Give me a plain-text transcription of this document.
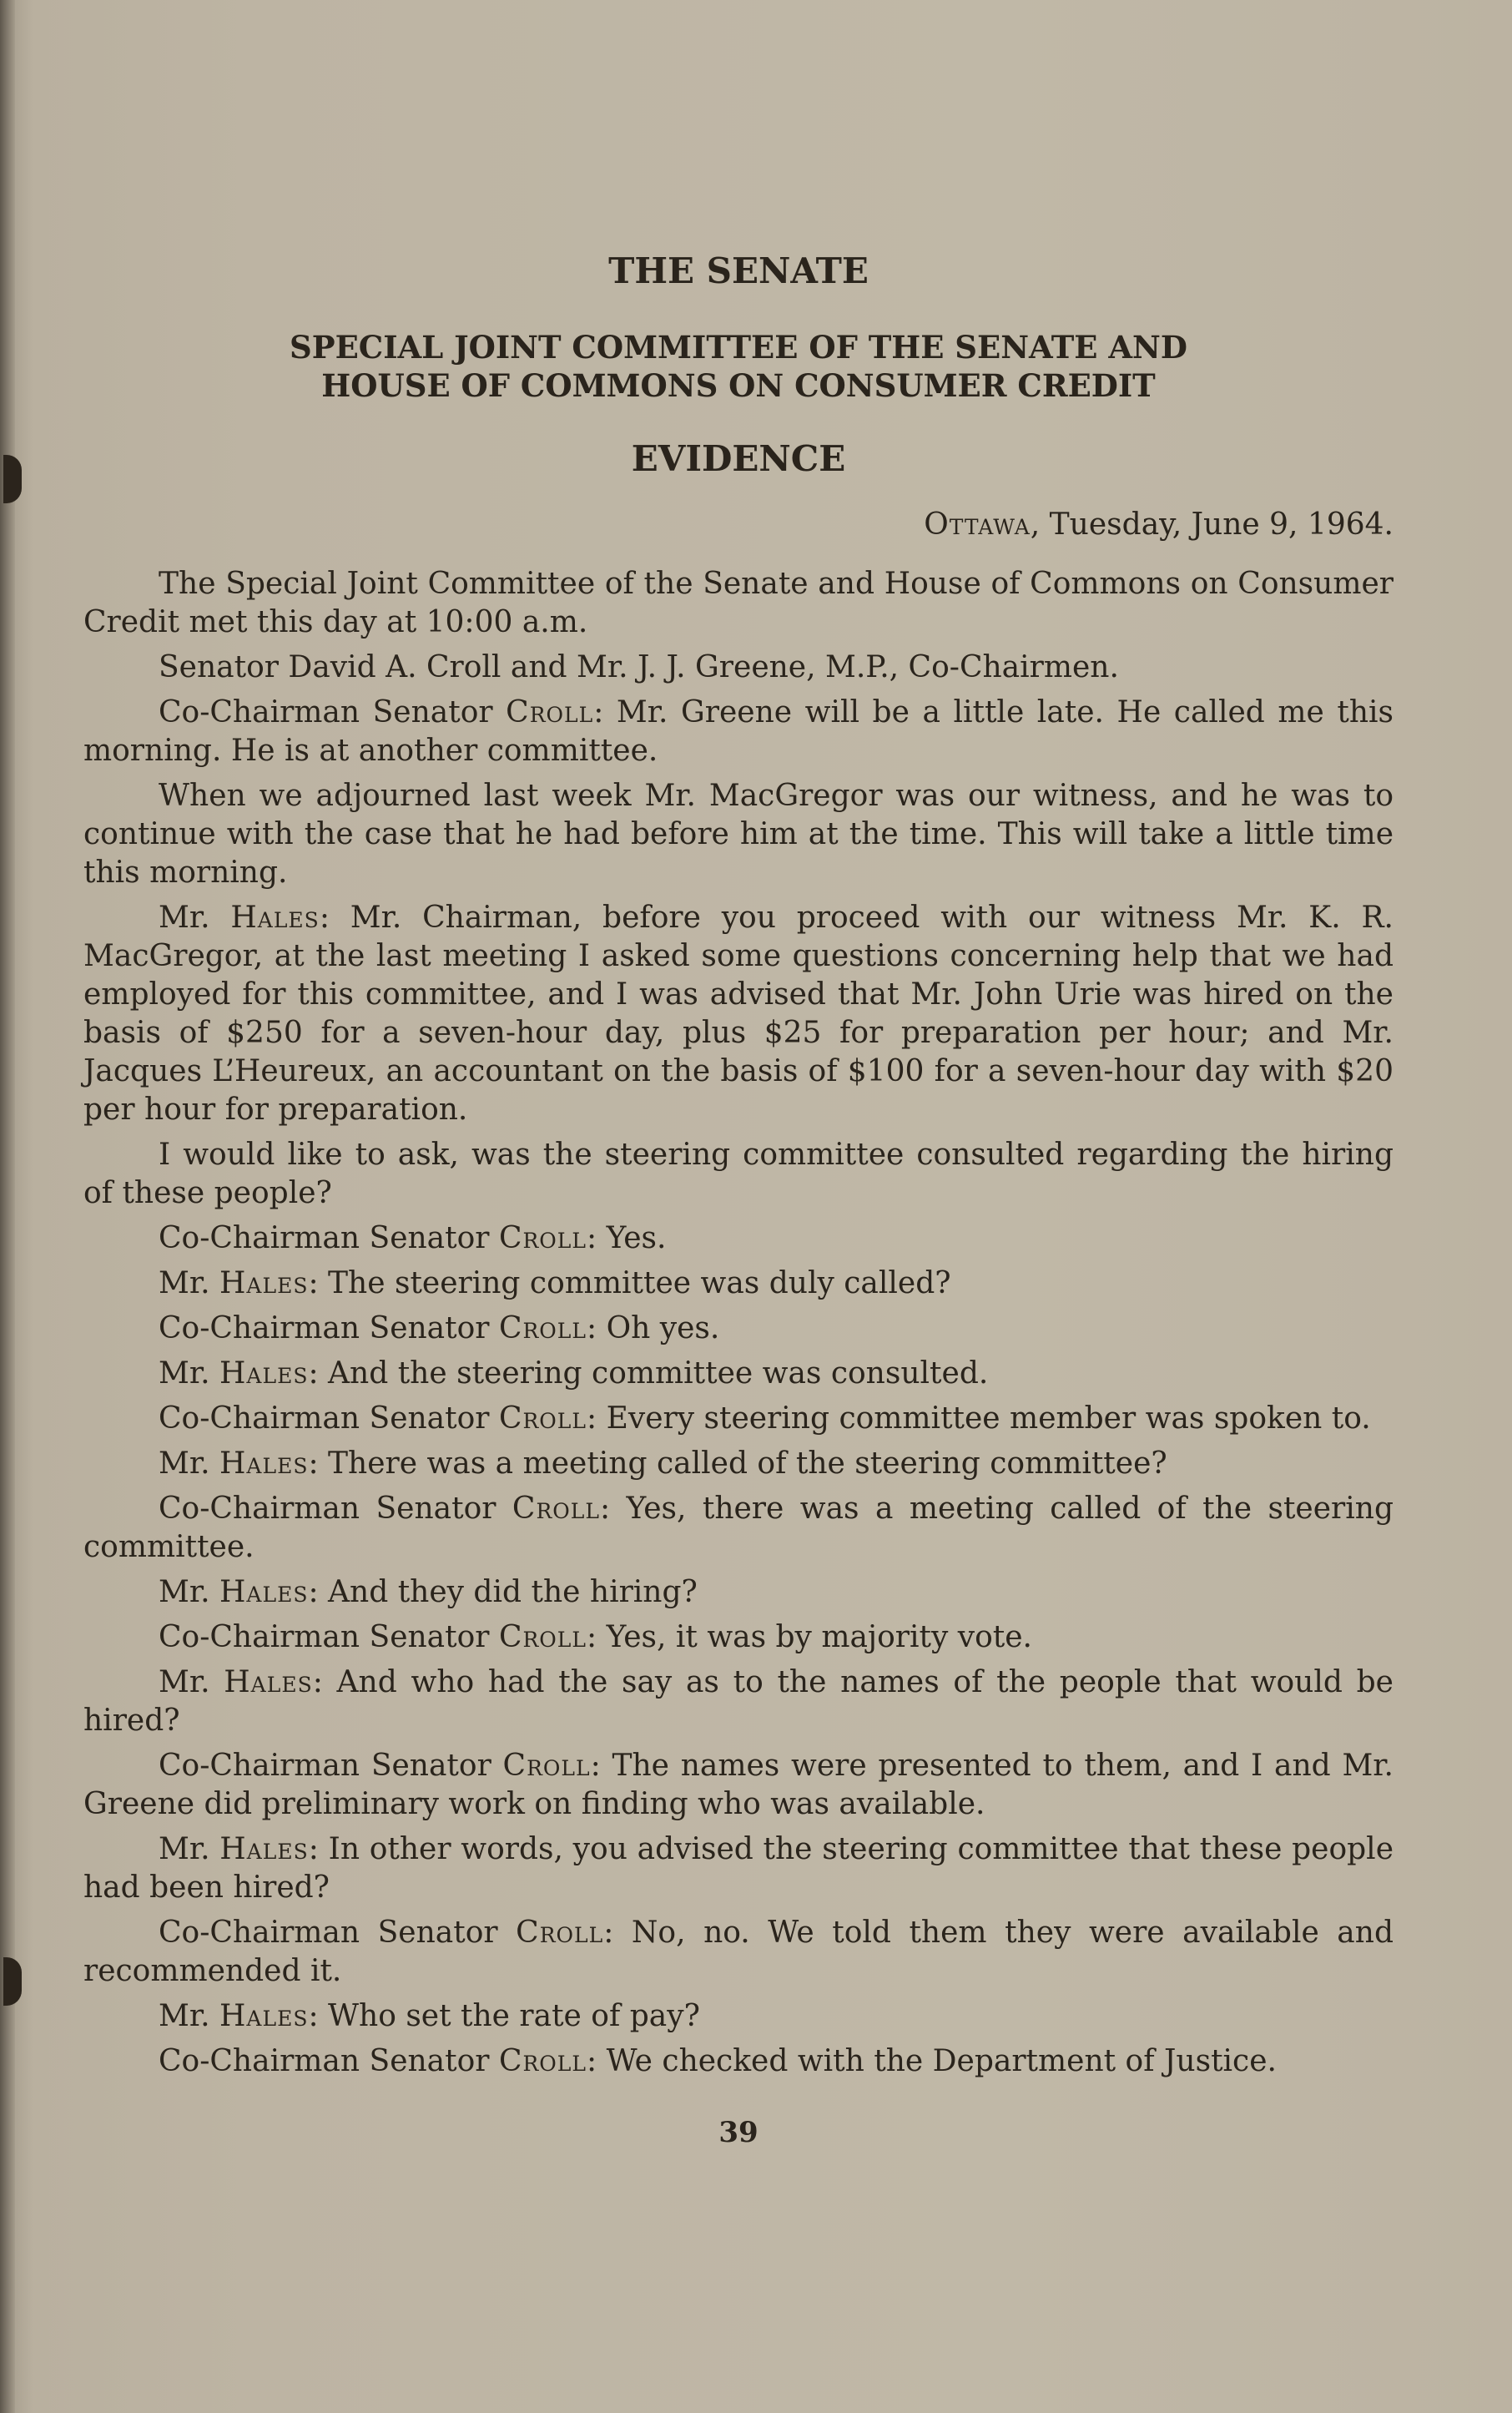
THE SENATE
SPECIAL JOINT COMMITTEE OF THE SENATE AND
HOUSE OF COMMONS ON CONSUMER CREDIT
EVIDENCE
Ottawa, Tuesday, June 9, 1964.

The Special Joint Committee of the Senate and House of Commons on Consumer Credit met this day at 10:00 a.m.

Senator David A. Croll and Mr. J. J. Greene, M.P., Co-Chairmen.

Co-Chairman Senator Croll: Mr. Greene will be a little late. He called me this morning. He is at another committee.

When we adjourned last week Mr. MacGregor was our witness, and he was to continue with the case that he had before him at the time. This will take a little time this morning.

Mr. Hales: Mr. Chairman, before you proceed with our witness Mr. K. R. MacGregor, at the last meeting I asked some questions concerning help that we had employed for this committee, and I was advised that Mr. John Urie was hired on the basis of $250 for a seven-hour day, plus $25 for preparation per hour; and Mr. Jacques L’Heureux, an accountant on the basis of $100 for a seven-hour day with $20 per hour for preparation.

I would like to ask, was the steering committee consulted regarding the hiring of these people?

Co-Chairman Senator Croll: Yes.

Mr. Hales: The steering committee was duly called?

Co-Chairman Senator Croll: Oh yes.

Mr. Hales: And the steering committee was consulted.

Co-Chairman Senator Croll: Every steering committee member was spoken to.

Mr. Hales: There was a meeting called of the steering committee?

Co-Chairman Senator Croll: Yes, there was a meeting called of the steering committee.

Mr. Hales: And they did the hiring?

Co-Chairman Senator Croll: Yes, it was by majority vote.

Mr. Hales: And who had the say as to the names of the people that would be hired?

Co-Chairman Senator Croll: The names were presented to them, and I and Mr. Greene did preliminary work on finding who was available.

Mr. Hales: In other words, you advised the steering committee that these people had been hired?

Co-Chairman Senator Croll: No, no. We told them they were available and recommended it.

Mr. Hales: Who set the rate of pay?

Co-Chairman Senator Croll: We checked with the Department of Justice.

39
